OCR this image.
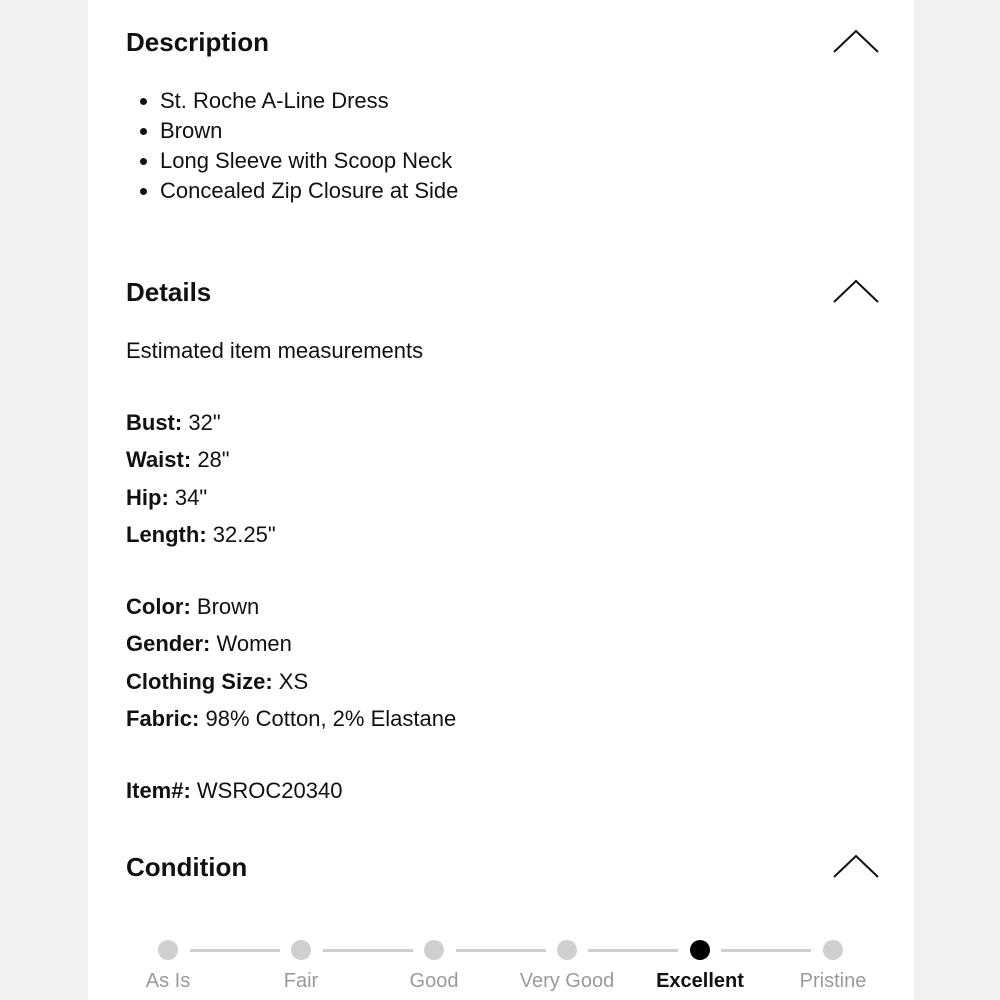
Description
• St. Roche A-Line Dress
• Brown
• Long Sleeve with Scoop Neck
• Concealed Zip Closure at Side
Details
Estimated item measurements
Bust: 32"
Waist: 28"
Hip: 34"
Length: 32.25"
Color: Brown
Gender: Women
Clothing Size: XS
Fabric: 98% Cotton, 2% Elastane
Item#: WSROC20340
Condition
As Is	Fair	Good	Very Good	Excellent	Pristine
